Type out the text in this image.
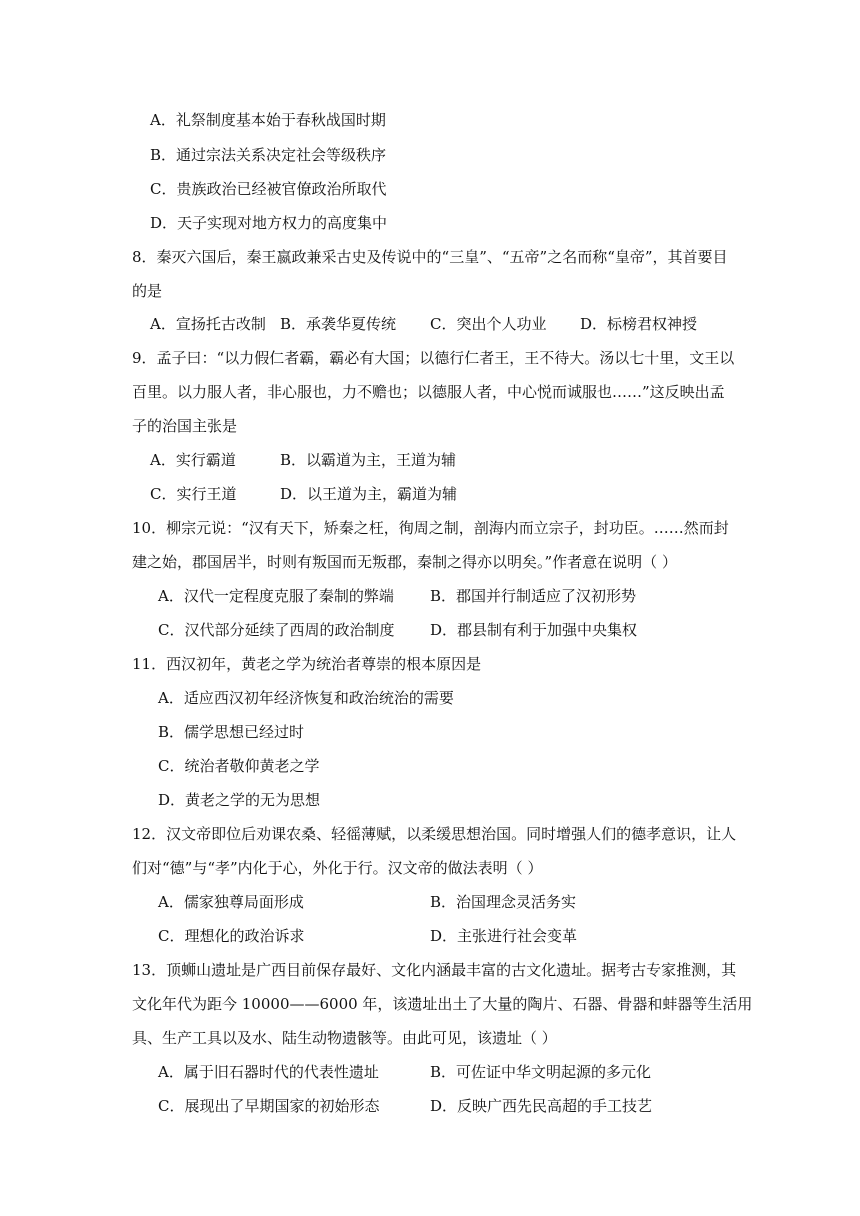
A．礼祭制度基本始于春秋战国时期
B．通过宗法关系决定社会等级秩序
C．贵族政治已经被官僚政治所取代
D．天子实现对地方权力的高度集中
8．秦灭六国后，秦王嬴政兼采古史及传说中的“三皇”、“五帝”之名而称“皇帝”，其首要目
的是
A．宣扬托古改制 B．承袭华夏传统 C．突出个人功业 D．标榜君权神授
9．孟子曰：“以力假仁者霸，霸必有大国；以德行仁者王，王不待大。汤以七十里，文王以
百里。以力服人者，非心服也，力不赡也；以德服人者，中心悦而诚服也……”这反映出孟
子的治国主张是
A．实行霸道	B．以霸道为主，王道为辅
C．实行王道	D．以王道为主，霸道为辅
10．柳宗元说：“汉有天下，矫秦之枉，徇周之制，剖海内而立宗子，封功臣。……然而封
建之始，郡国居半，时则有叛国而无叛郡，秦制之得亦以明矣。”作者意在说明（ ）
A．汉代一定程度克服了秦制的弊端 B．郡国并行制适应了汉初形势
C．汉代部分延续了西周的政治制度 D．郡县制有利于加强中央集权
11．西汉初年，黄老之学为统治者尊崇的根本原因是
A．适应西汉初年经济恢复和政治统治的需要
B．儒学思想已经过时
C．统治者敬仰黄老之学
D．黄老之学的无为思想
12．汉文帝即位后劝课农桑、轻徭薄赋，以柔缓思想治国。同时增强人们的德孝意识，让人
们对“德”与“孝”内化于心，外化于行。汉文帝的做法表明（ ）
A．儒家独尊局面形成	B．治国理念灵活务实
C．理想化的政治诉求	D．主张进行社会变革
13．顶蛳山遗址是广西目前保存最好、文化内涵最丰富的古文化遗址。据考古专家推测，其
文化年代为距今 10000——6000 年，该遗址出土了大量的陶片、石器、骨器和蚌器等生活用
具、生产工具以及水、陆生动物遗骸等。由此可见，该遗址（ ）
A．属于旧石器时代的代表性遗址	B．可佐证中华文明起源的多元化
C．展现出了早期国家的初始形态	D．反映广西先民高超的手工技艺
